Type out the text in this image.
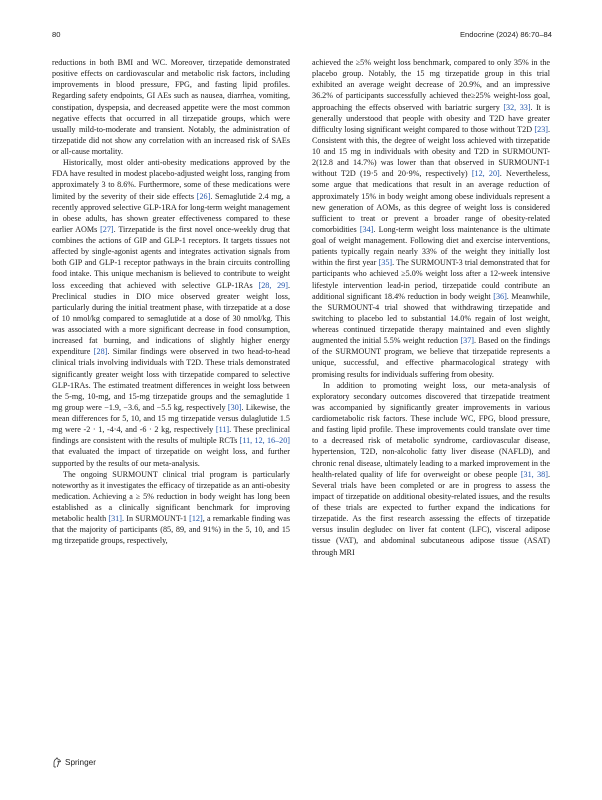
80	Endocrine (2024) 86:70–84

reductions in both BMI and WC. Moreover, tirzepatide demonstrated positive effects on cardiovascular and metabolic risk factors, including improvements in blood pressure, FPG, and fasting lipid profiles. Regarding safety endpoints, GI AEs such as nausea, diarrhea, vomiting, constipation, dyspepsia, and decreased appetite were the most common negative effects that occurred in all tirzepatide groups, which were usually mild-to-moderate and transient. Notably, the administration of tirzepatide did not show any correlation with an increased risk of SAEs or all-cause mortality.

Historically, most older anti-obesity medications approved by the FDA have resulted in modest placebo-adjusted weight loss, ranging from approximately 3 to 8.6%. Furthermore, some of these medications were limited by the severity of their side effects [26]. Semaglutide 2.4 mg, a recently approved selective GLP-1RA for long-term weight management in obese adults, has shown greater effectiveness compared to these earlier AOMs [27]. Tirzepatide is the first novel once-weekly drug that combines the actions of GIP and GLP-1 receptors. It targets tissues not affected by single-agonist agents and integrates activation signals from both GIP and GLP-1 receptor pathways in the brain circuits controlling food intake. This unique mechanism is believed to contribute to weight loss exceeding that achieved with selective GLP-1RAs [28, 29]. Preclinical studies in DIO mice observed greater weight loss, particularly during the initial treatment phase, with tirzepatide at a dose of 10 nmol/kg compared to semaglutide at a dose of 30 nmol/kg. This was associated with a more significant decrease in food consumption, increased fat burning, and indications of slightly higher energy expenditure [28]. Similar findings were observed in two head-to-head clinical trials involving individuals with T2D. These trials demonstrated significantly greater weight loss with tirzepatide compared to selective GLP-1RAs. The estimated treatment differences in weight loss between the 5-mg, 10-mg, and 15-mg tirzepatide groups and the semaglutide 1 mg group were −1.9, −3.6, and −5.5 kg, respectively [30]. Likewise, the mean differences for 5, 10, and 15 mg tirzepatide versus dulaglutide 1.5 mg were -2 · 1, -4·4, and -6 · 2 kg, respectively [11]. These preclinical findings are consistent with the results of multiple RCTs [11, 12, 16–20] that evaluated the impact of tirzepatide on weight loss, and further supported by the results of our meta-analysis.

The ongoing SURMOUNT clinical trial program is particularly noteworthy as it investigates the efficacy of tirzepatide as an anti-obesity medication. Achieving a ≥ 5% reduction in body weight has long been established as a clinically significant benchmark for improving metabolic health [31]. In SURMOUNT-1 [12], a remarkable finding was that the majority of participants (85, 89, and 91%) in the 5, 10, and 15 mg tirzepatide groups, respectively,

achieved the ≥5% weight loss benchmark, compared to only 35% in the placebo group. Notably, the 15 mg tirzepatide group in this trial exhibited an average weight decrease of 20.9%, and an impressive 36.2% of participants successfully achieved the≥25% weight-loss goal, approaching the effects observed with bariatric surgery [32, 33]. It is generally understood that people with obesity and T2D have greater difficulty losing significant weight compared to those without T2D [23]. Consistent with this, the degree of weight loss achieved with tirzepatide 10 and 15 mg in individuals with obesity and T2D in SURMOUNT-2(12.8 and 14.7%) was lower than that observed in SURMOUNT-1 without T2D (19·5 and 20·9%, respectively) [12, 20]. Nevertheless, some argue that medications that result in an average reduction of approximately 15% in body weight among obese individuals represent a new generation of AOMs, as this degree of weight loss is considered sufficient to treat or prevent a broader range of obesity-related comorbidities [34]. Long-term weight loss maintenance is the ultimate goal of weight management. Following diet and exercise interventions, patients typically regain nearly 33% of the weight they initially lost within the first year [35]. The SURMOUNT-3 trial demonstrated that for participants who achieved ≥5.0% weight loss after a 12-week intensive lifestyle intervention lead-in period, tirzepatide could contribute an additional significant 18.4% reduction in body weight [36]. Meanwhile, the SURMOUNT-4 trial showed that withdrawing tirzepatide and switching to placebo led to substantial 14.0% regain of lost weight, whereas continued tirzepatide therapy maintained and even slightly augmented the initial 5.5% weight reduction [37]. Based on the findings of the SURMOUNT program, we believe that tirzepatide represents a unique, successful, and effective pharmacological strategy with promising results for individuals suffering from obesity.

In addition to promoting weight loss, our meta-analysis of exploratory secondary outcomes discovered that tirzepatide treatment was accompanied by significantly greater improvements in various cardiometabolic risk factors. These include WC, FPG, blood pressure, and fasting lipid profile. These improvements could translate over time to a decreased risk of metabolic syndrome, cardiovascular disease, hypertension, T2D, non-alcoholic fatty liver disease (NAFLD), and chronic renal disease, ultimately leading to a marked improvement in the health-related quality of life for overweight or obese people [31, 38]. Several trials have been completed or are in progress to assess the impact of tirzepatide on additional obesity-related issues, and the results of these trials are expected to further expand the indications for tirzepatide. As the first research assessing the effects of tirzepatide versus insulin degludec on liver fat content (LFC), visceral adipose tissue (VAT), and abdominal subcutaneous adipose tissue (ASAT) through MRI

Springer
